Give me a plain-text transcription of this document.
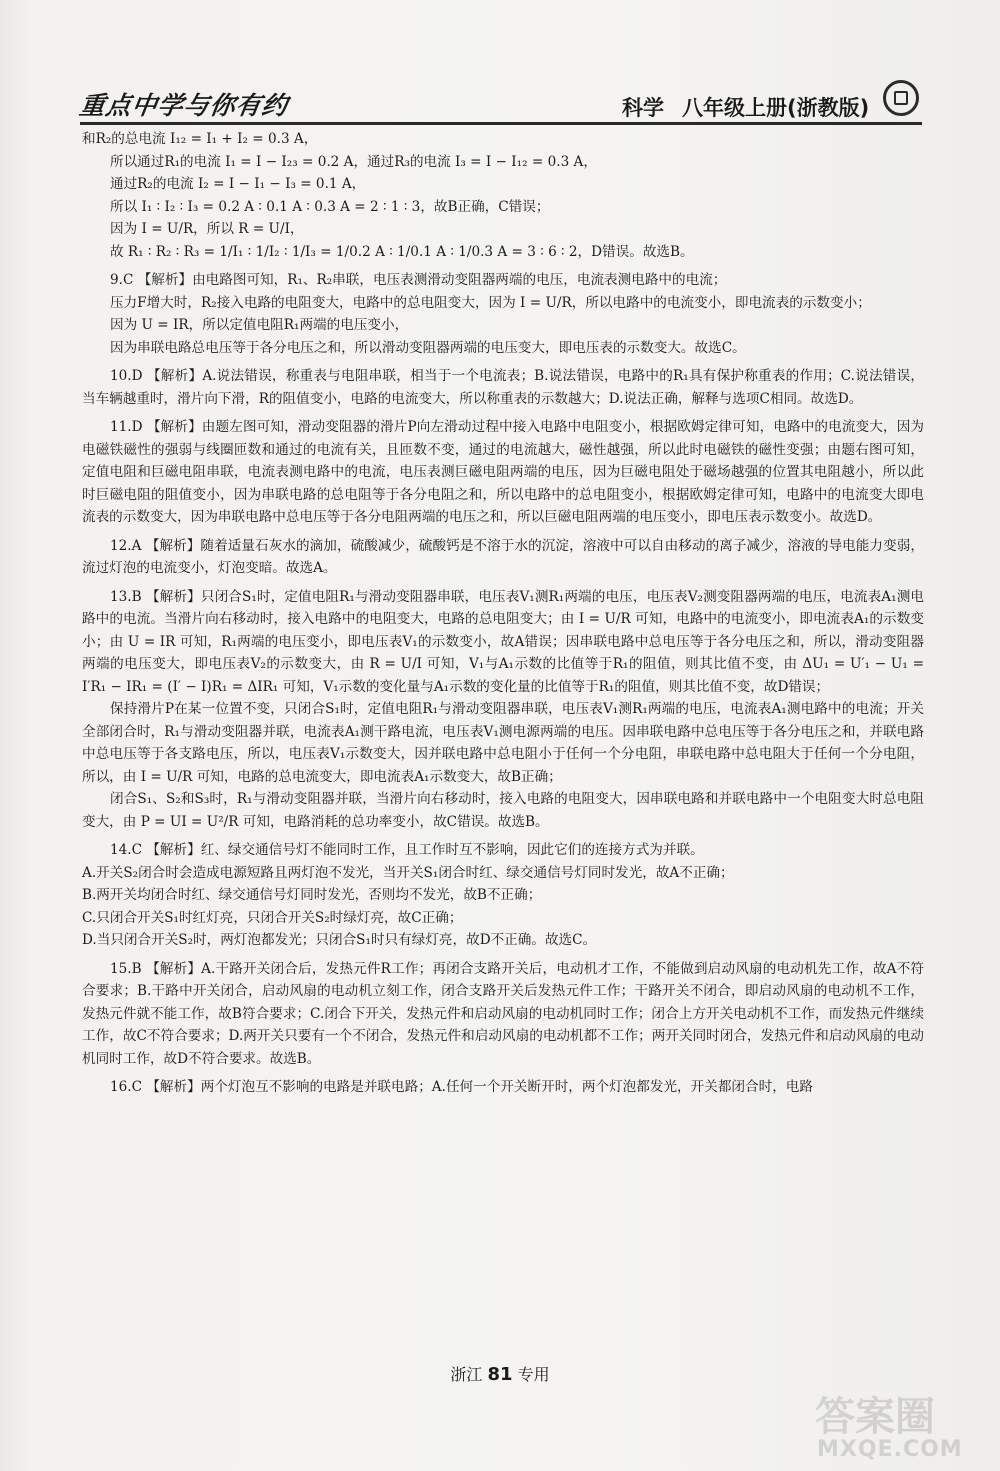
重点中学与你有约	科学 八年级上册(浙教版)

和R₂的总电流 I₁₂ = I₁ + I₂ = 0.3 A，

所以通过R₁的电流 I₁ = I − I₂₃ = 0.2 A，通过R₃的电流 I₃ = I − I₁₂ = 0.3 A，

通过R₂的电流 I₂ = I − I₁ − I₃ = 0.1 A，

所以 I₁ ∶ I₂ ∶ I₃ = 0.2 A ∶ 0.1 A ∶ 0.3 A = 2 ∶ 1 ∶ 3，故B正确，C错误；

因为 I = U/R，所以 R = U/I，

故 R₁ ∶ R₂ ∶ R₃ = 1/I₁ ∶ 1/I₂ ∶ 1/I₃ = 1/0.2 A ∶ 1/0.1 A ∶ 1/0.3 A = 3 ∶ 6 ∶ 2，D错误。故选B。

9.C 【解析】由电路图可知，R₁、R₂串联，电压表测滑动变阻器两端的电压，电流表测电路中的电流；

压力F增大时，R₂接入电路的电阻变大，电路中的总电阻变大，因为 I = U/R，所以电路中的电流变小，即电流表的示数变小；

因为 U = IR，所以定值电阻R₁两端的电压变小，

因为串联电路总电压等于各分电压之和，所以滑动变阻器两端的电压变大，即电压表的示数变大。故选C。

10.D 【解析】A.说法错误，称重表与电阻串联，相当于一个电流表；B.说法错误，电路中的R₁具有保护称重表的作用；C.说法错误，当车辆越重时，滑片向下滑，R的阻值变小，电路的电流变大，所以称重表的示数越大；D.说法正确，解释与选项C相同。故选D。

11.D 【解析】由题左图可知，滑动变阻器的滑片P向左滑动过程中接入电路中电阻变小，根据欧姆定律可知，电路中的电流变大，因为电磁铁磁性的强弱与线圈匝数和通过的电流有关，且匝数不变，通过的电流越大，磁性越强，所以此时电磁铁的磁性变强；由题右图可知，定值电阻和巨磁电阻串联，电流表测电路中的电流，电压表测巨磁电阻两端的电压，因为巨磁电阻处于磁场越强的位置其电阻越小，所以此时巨磁电阻的阻值变小，因为串联电路的总电阻等于各分电阻之和，所以电路中的总电阻变小，根据欧姆定律可知，电路中的电流变大即电流表的示数变大，因为串联电路中总电压等于各分电阻两端的电压之和，所以巨磁电阻两端的电压变小，即电压表示数变小。故选D。

12.A 【解析】随着适量石灰水的滴加，硫酸减少，硫酸钙是不溶于水的沉淀，溶液中可以自由移动的离子减少，溶液的导电能力变弱，流过灯泡的电流变小，灯泡变暗。故选A。

13.B 【解析】只闭合S₁时，定值电阻R₁与滑动变阻器串联，电压表V₁测R₁两端的电压，电压表V₂测变阻器两端的电压，电流表A₁测电路中的电流。当滑片向右移动时，接入电路中的电阻变大，电路的总电阻变大；由 I = U/R 可知，电路中的电流变小，即电流表A₁的示数变小；由 U = IR 可知，R₁两端的电压变小，即电压表V₁的示数变小，故A错误；因串联电路中总电压等于各分电压之和，所以，滑动变阻器两端的电压变大，即电压表V₂的示数变大，由 R = U/I 可知，V₁与A₁示数的比值等于R₁的阻值，则其比值不变，由 ΔU₁ = U′₁ − U₁ = I′R₁ − IR₁ = (I′ − I)R₁ = ΔIR₁ 可知，V₁示数的变化量与A₁示数的变化量的比值等于R₁的阻值，则其比值不变，故D错误；

保持滑片P在某一位置不变，只闭合S₁时，定值电阻R₁与滑动变阻器串联，电压表V₁测R₁两端的电压，电流表A₁测电路中的电流；开关全部闭合时，R₁与滑动变阻器并联，电流表A₁测干路电流，电压表V₁测电源两端的电压。因串联电路中总电压等于各分电压之和，并联电路中总电压等于各支路电压，所以，电压表V₁示数变大，因并联电路中总电阻小于任何一个分电阻，串联电路中总电阻大于任何一个分电阻，所以，由 I = U/R 可知，电路的总电流变大，即电流表A₁示数变大，故B正确；

闭合S₁、S₂和S₃时，R₁与滑动变阻器并联，当滑片向右移动时，接入电路的电阻变大，因串联电路和并联电路中一个电阻变大时总电阻变大，由 P = UI = U²/R 可知，电路消耗的总功率变小，故C错误。故选B。

14.C 【解析】红、绿交通信号灯不能同时工作，且工作时互不影响，因此它们的连接方式为并联。

A.开关S₂闭合时会造成电源短路且两灯泡不发光，当开关S₁闭合时红、绿交通信号灯同时发光，故A不正确；

B.两开关均闭合时红、绿交通信号灯同时发光，否则均不发光，故B不正确；

C.只闭合开关S₁时红灯亮，只闭合开关S₂时绿灯亮，故C正确；

D.当只闭合开关S₂时，两灯泡都发光；只闭合S₁时只有绿灯亮，故D不正确。故选C。

15.B 【解析】A.干路开关闭合后，发热元件R工作；再闭合支路开关后，电动机才工作，不能做到启动风扇的电动机先工作，故A不符合要求；B.干路中开关闭合，启动风扇的电动机立刻工作，闭合支路开关后发热元件工作；干路开关不闭合，即启动风扇的电动机不工作，发热元件就不能工作，故B符合要求；C.闭合下开关，发热元件和启动风扇的电动机同时工作；闭合上方开关电动机不工作，而发热元件继续工作，故C不符合要求；D.两开关只要有一个不闭合，发热元件和启动风扇的电动机都不工作；两开关同时闭合，发热元件和启动风扇的电动机同时工作，故D不符合要求。故选B。

16.C 【解析】两个灯泡互不影响的电路是并联电路；A.任何一个开关断开时，两个灯泡都发光，开关都闭合时，电路

浙江 81 专用
答案圈
MXQE.COM
